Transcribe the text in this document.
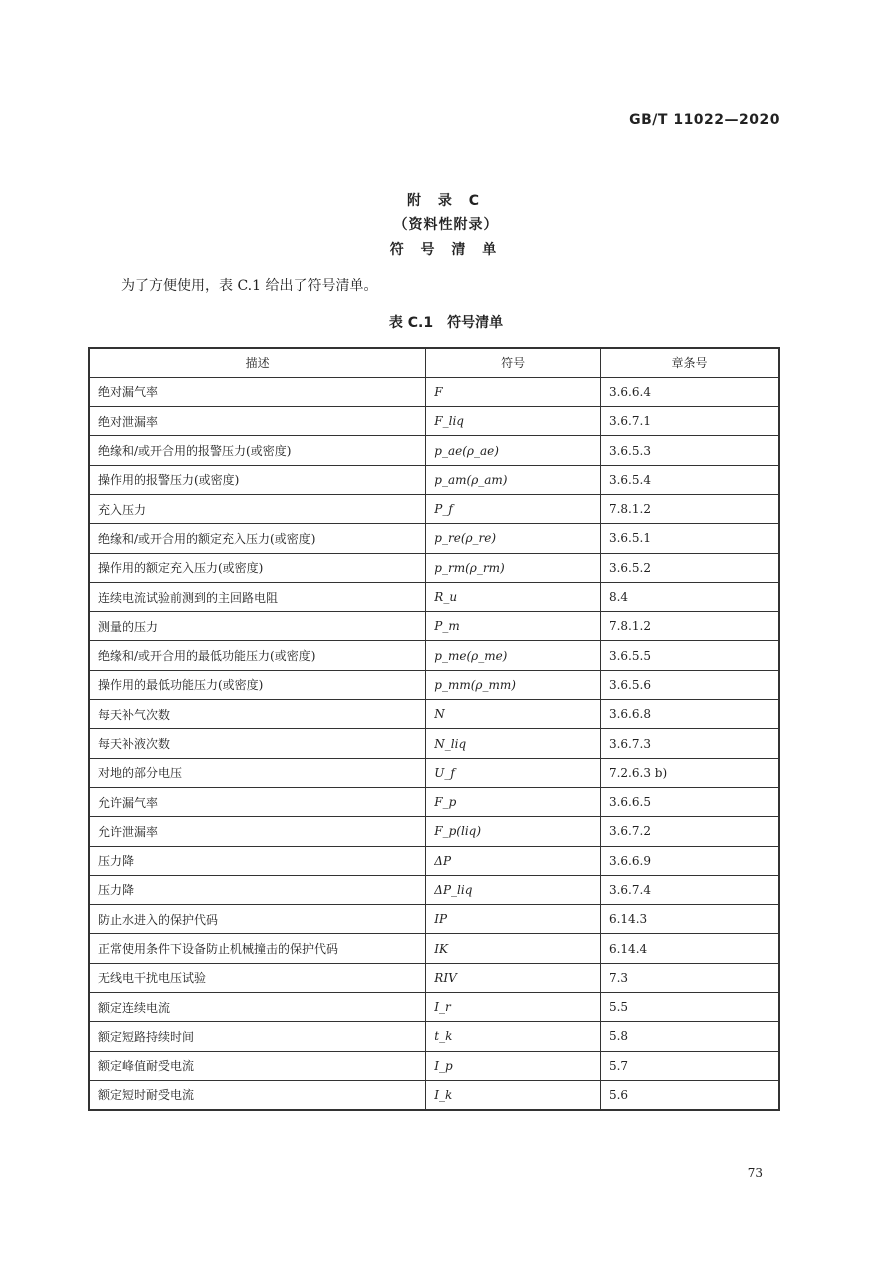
GB/T 11022—2020
附 录 C
（资料性附录）
符 号 清 单
为了方便使用，表 C.1 给出了符号清单。
表 C.1　符号清单
描述	符号	章条号
绝对漏气率	F	3.6.6.4
绝对泄漏率	F_liq	3.6.7.1
绝缘和/或开合用的报警压力(或密度)	p_ae(ρ_ae)	3.6.5.3
操作用的报警压力(或密度)	p_am(ρ_am)	3.6.5.4
充入压力	P_f	7.8.1.2
绝缘和/或开合用的额定充入压力(或密度)	p_re(ρ_re)	3.6.5.1
操作用的额定充入压力(或密度)	p_rm(ρ_rm)	3.6.5.2
连续电流试验前测到的主回路电阻	R_u	8.4
测量的压力	P_m	7.8.1.2
绝缘和/或开合用的最低功能压力(或密度)	p_me(ρ_me)	3.6.5.5
操作用的最低功能压力(或密度)	p_mm(ρ_mm)	3.6.5.6
每天补气次数	N	3.6.6.8
每天补液次数	N_liq	3.6.7.3
对地的部分电压	U_f	7.2.6.3 b)
允许漏气率	F_p	3.6.6.5
允许泄漏率	F_p(liq)	3.6.7.2
压力降	ΔP	3.6.6.9
压力降	ΔP_liq	3.6.7.4
防止水进入的保护代码	IP	6.14.3
正常使用条件下设备防止机械撞击的保护代码	IK	6.14.4
无线电干扰电压试验	RIV	7.3
额定连续电流	I_r	5.5
额定短路持续时间	t_k	5.8
额定峰值耐受电流	I_p	5.7
额定短时耐受电流	I_k	5.6
73
